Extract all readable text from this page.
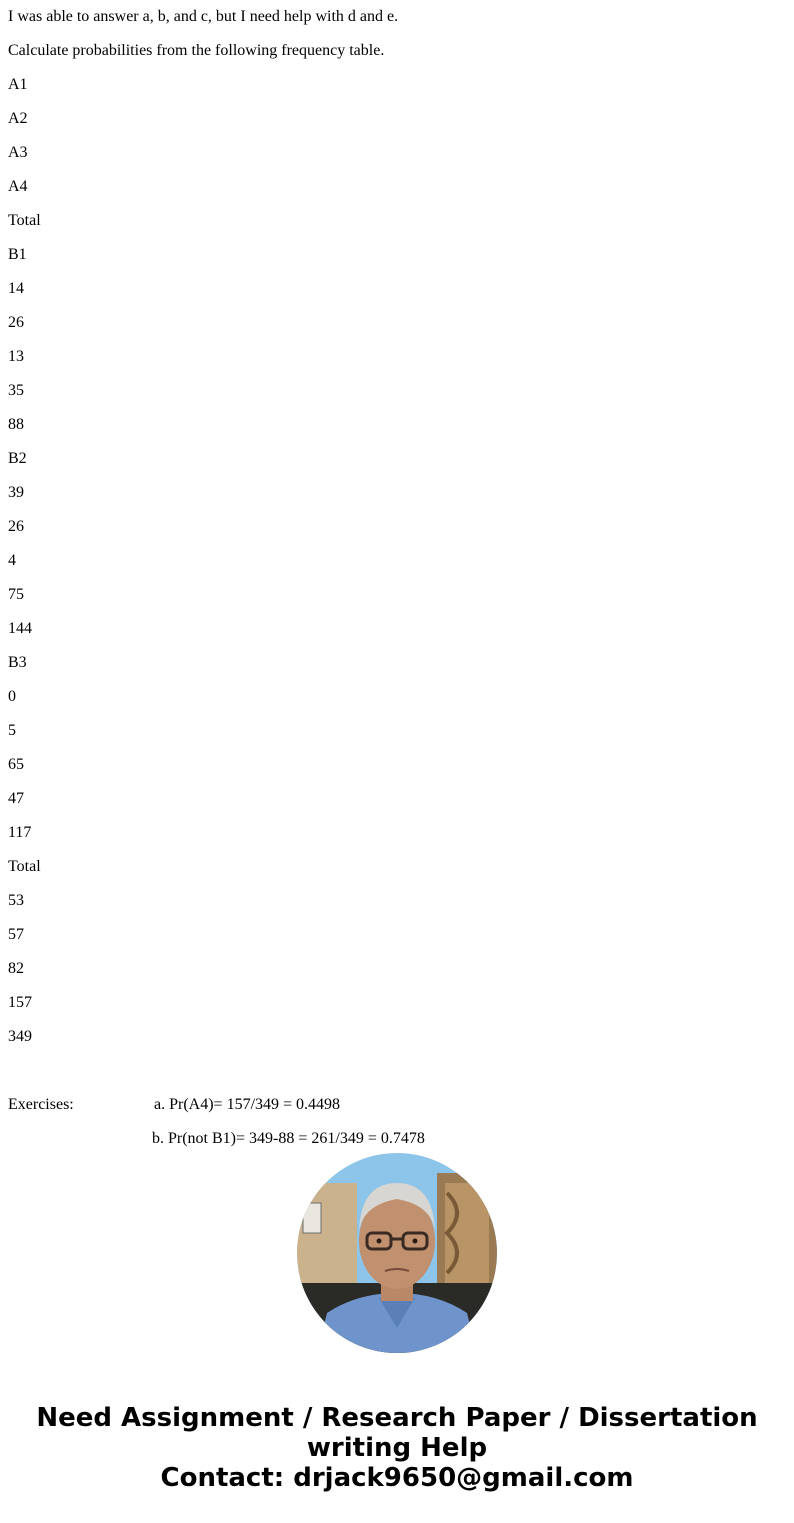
I was able to answer a, b, and c, but I need help with d and e.

Calculate probabilities from the following frequency table.

A1

A2

A3

A4

Total

B1

14

26

13

35

88

B2

39

26

4

75

144

B3

0

5

65

47

117

Total

53

57

82

157

349

Exercises:	a. Pr(A4)= 157/349 = 0.4498
b. Pr(not B1)= 349-88 = 261/349 = 0.7478
Need Assignment / Research Paper / Dissertation
writing Help
Contact: drjack9650@gmail.com
